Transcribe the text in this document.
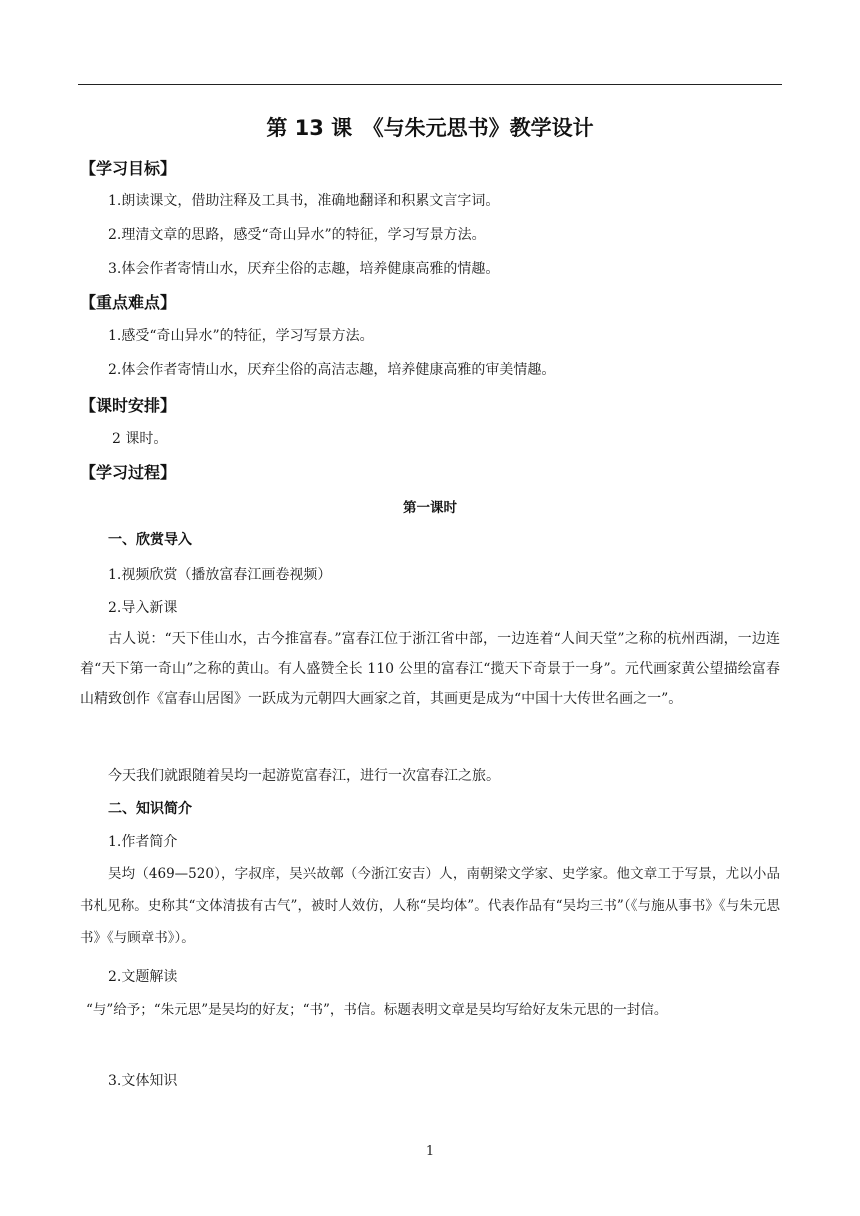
第 13 课　《与朱元思书》教学设计
【学习目标】
1.朗读课文，借助注释及工具书，准确地翻译和积累文言字词。
2.理清文章的思路，感受“奇山异水”的特征，学习写景方法。
3.体会作者寄情山水，厌弃尘俗的志趣，培养健康高雅的情趣。
【重点难点】
1.感受“奇山异水”的特征，学习写景方法。
2.体会作者寄情山水，厌弃尘俗的高洁志趣，培养健康高雅的审美情趣。
【课时安排】
2 课时。
【学习过程】
第一课时
一、欣赏导入
1.视频欣赏（播放富春江画卷视频）
2.导入新课
古人说：“天下佳山水，古今推富春。”富春江位于浙江省中部，一边连着“人间天堂”之称的杭州西湖，一边连着“天下第一奇山”之称的黄山。有人盛赞全长 110 公里的富春江“揽天下奇景于一身”。元代画家黄公望描绘富春山精致创作《富春山居图》一跃成为元朝四大画家之首，其画更是成为“中国十大传世名画之一”。
今天我们就跟随着吴均一起游览富春江，进行一次富春江之旅。
二、知识简介
1.作者简介
吴均（469—520），字叔庠，吴兴故鄣（今浙江安吉）人，南朝梁文学家、史学家。他文章工于写景，尤以小品书札见称。史称其“文体清拔有古气”，被时人效仿，人称“吴均体”。代表作品有“吴均三书”（《与施从事书》《与朱元思书》《与顾章书》）。
2.文题解读
“与”给予；“朱元思”是吴均的好友；“书”，书信。标题表明文章是吴均写给好友朱元思的一封信。
3.文体知识
1
